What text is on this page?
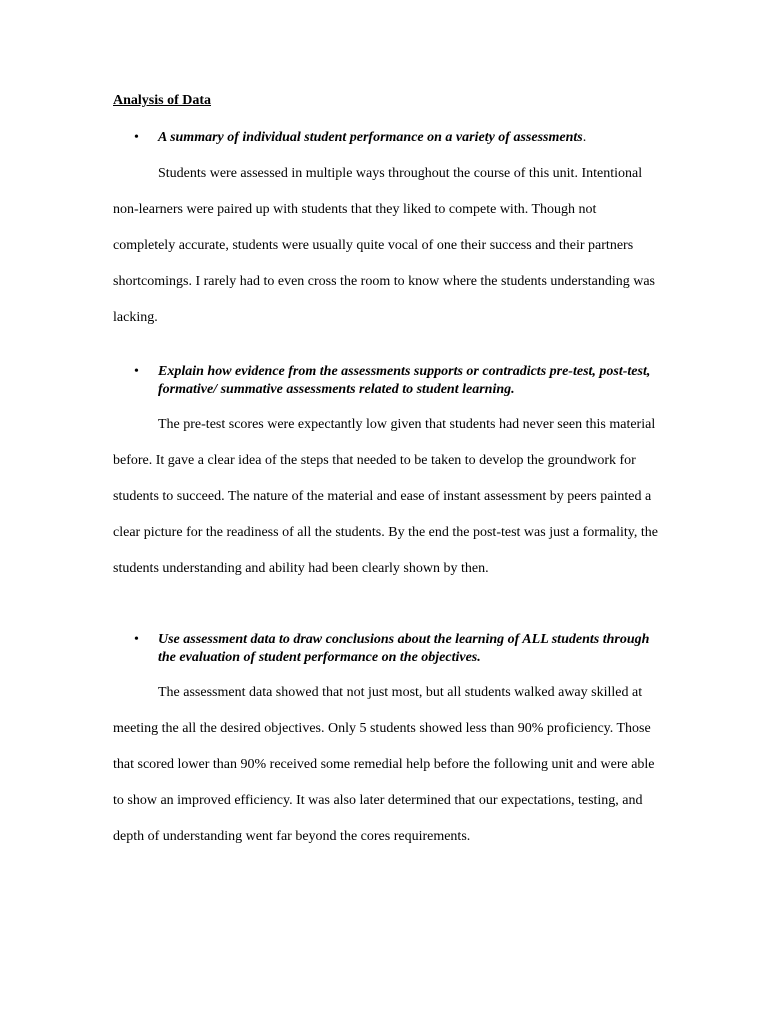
Analysis of Data
• A summary of individual student performance on a variety of assessments.

Students were assessed in multiple ways throughout the course of this unit. Intentional non-learners were paired up with students that they liked to compete with. Though not completely accurate, students were usually quite vocal of one their success and their partners shortcomings. I rarely had to even cross the room to know where the students understanding was lacking.

• Explain how evidence from the assessments supports or contradicts pre-test, post-test, formative/ summative assessments related to student learning.

The pre-test scores were expectantly low given that students had never seen this material before. It gave a clear idea of the steps that needed to be taken to develop the groundwork for students to succeed. The nature of the material and ease of instant assessment by peers painted a clear picture for the readiness of all the students. By the end the post-test was just a formality, the students understanding and ability had been clearly shown by then.

• Use assessment data to draw conclusions about the learning of ALL students through the evaluation of student performance on the objectives.

The assessment data showed that not just most, but all students walked away skilled at meeting the all the desired objectives. Only 5 students showed less than 90% proficiency. Those that scored lower than 90% received some remedial help before the following unit and were able to show an improved efficiency. It was also later determined that our expectations, testing, and depth of understanding went far beyond the cores requirements.
